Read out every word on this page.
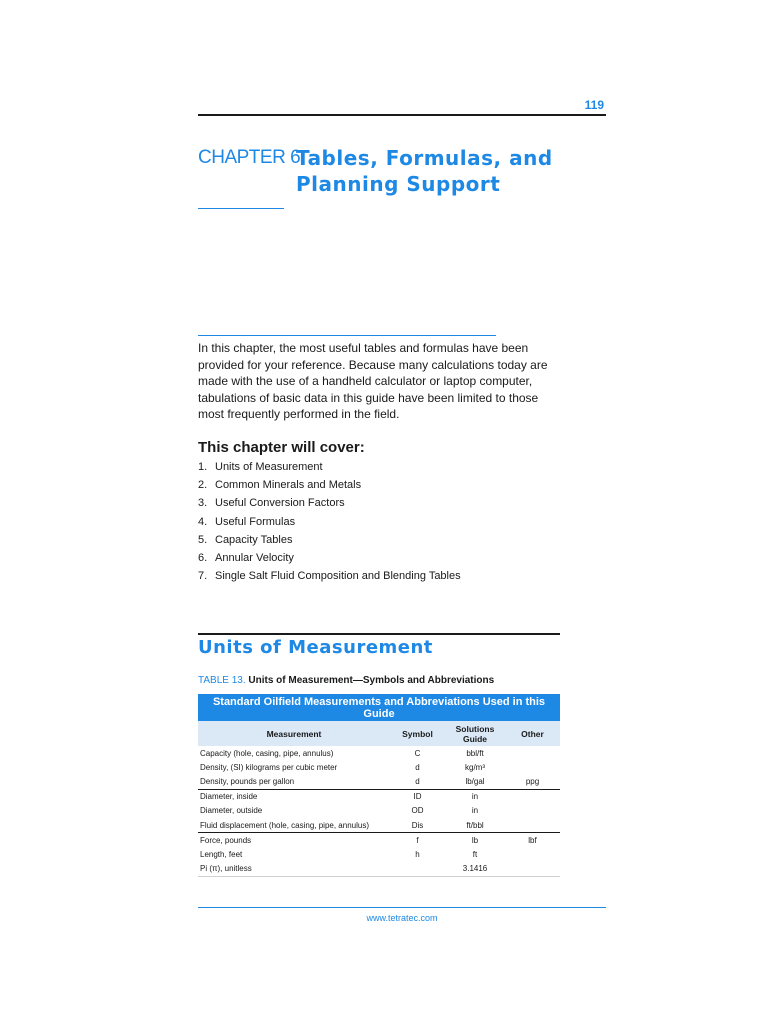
119
CHAPTER 6
Tables, Formulas, and
Planning Support

In this chapter, the most useful tables and formulas have been provided for your reference. Because many calculations today are made with the use of a handheld calculator or laptop computer, tabulations of basic data in this guide have been limited to those most frequently performed in the field.

This chapter will cover:
1. Units of Measurement
2. Common Minerals and Metals
3. Useful Conversion Factors
4. Useful Formulas
5. Capacity Tables
6. Annular Velocity
7. Single Salt Fluid Composition and Blending Tables
Units of Measurement
TABLE 13. Units of Measurement—Symbols and Abbreviations
Standard Oilfield Measurements and Abbreviations Used in this Guide			
Measurement	Symbol	Solutions Guide	Other
Capacity (hole, casing, pipe, annulus)	C	bbl/ft	
Density, (SI) kilograms per cubic meter	d	kg/m³	
Density, pounds per gallon	d	lb/gal	ppg
Diameter, inside	ID	in	
Diameter, outside	OD	in	
Fluid displacement (hole, casing, pipe, annulus)	Dis	ft/bbl	
Force, pounds	f	lb	lbf
Length, feet	h	ft	
Pi (π), unitless		3.1416	
www.tetratec.com
